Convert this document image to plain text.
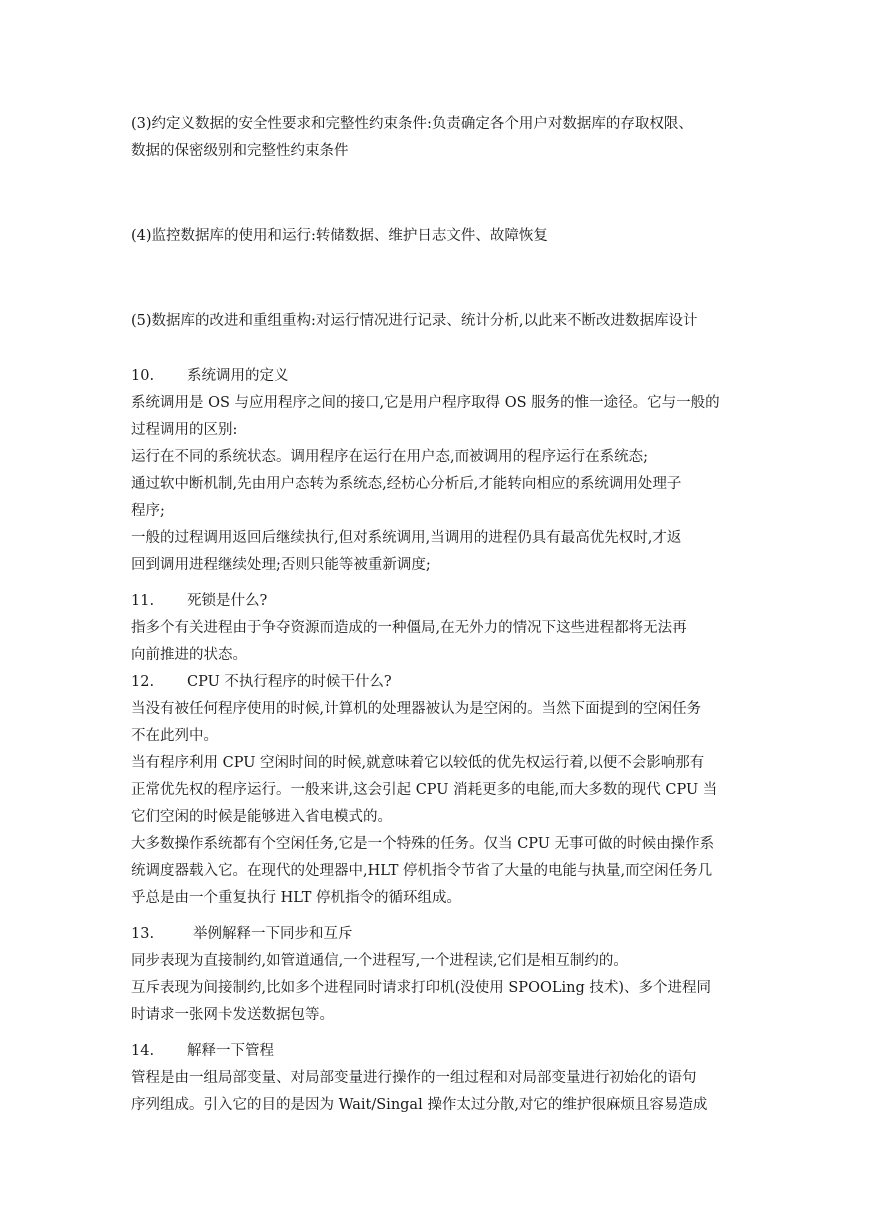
(3)约定义数据的安全性要求和完整性约束条件:负责确定各个用户对数据库的存取权限、
数据的保密级别和完整性约束条件
(4)监控数据库的使用和运行:转储数据、维护日志文件、故障恢复
(5)数据库的改进和重组重构:对运行情况进行记录、统计分析,以此来不断改进数据库设计
10. 系统调用的定义
系统调用是 OS 与应用程序之间的接口,它是用户程序取得 OS 服务的惟一途径。它与一般的
过程调用的区别:
运行在不同的系统状态。调用程序在运行在用户态,而被调用的程序运行在系统态;
通过软中断机制,先由用户态转为系统态,经枋心分析后,才能转向相应的系统调用处理子
程序;
一般的过程调用返回后继续执行,但对系统调用,当调用的进程仍具有最高优先权时,才返
回到调用进程继续处理;否则只能等被重新调度;
11. 死锁是什么?
指多个有关进程由于争夺资源而造成的一种僵局,在无外力的情况下这些进程都将无法再
向前推进的状态。
12. CPU 不执行程序的时候干什么?
当没有被任何程序使用的时候,计算机的处理器被认为是空闲的。当然下面提到的空闲任务
不在此列中。
当有程序利用 CPU 空闲时间的时候,就意味着它以较低的优先权运行着,以便不会影响那有
正常优先权的程序运行。一般来讲,这会引起 CPU 消耗更多的电能,而大多数的现代 CPU 当
它们空闲的时候是能够进入省电模式的。
大多数操作系统都有个空闲任务,它是一个特殊的任务。仅当 CPU 无事可做的时候由操作系
统调度器载入它。在现代的处理器中,HLT 停机指令节省了大量的电能与执量,而空闲任务几
乎总是由一个重复执行 HLT 停机指令的循环组成。
13.	举例解释一下同步和互斥
同步表现为直接制约,如管道通信,一个进程写,一个进程读,它们是相互制约的。
互斥表现为间接制约,比如多个进程同时请求打印机(没使用 SPOOLing 技术)、多个进程同
时请求一张网卡发送数据包等。
14. 解释一下管程
管程是由一组局部变量、对局部变量进行操作的一组过程和对局部变量进行初始化的语句
序列组成。引入它的目的是因为 Wait/Singal 操作太过分散,对它的维护很麻烦且容易造成
